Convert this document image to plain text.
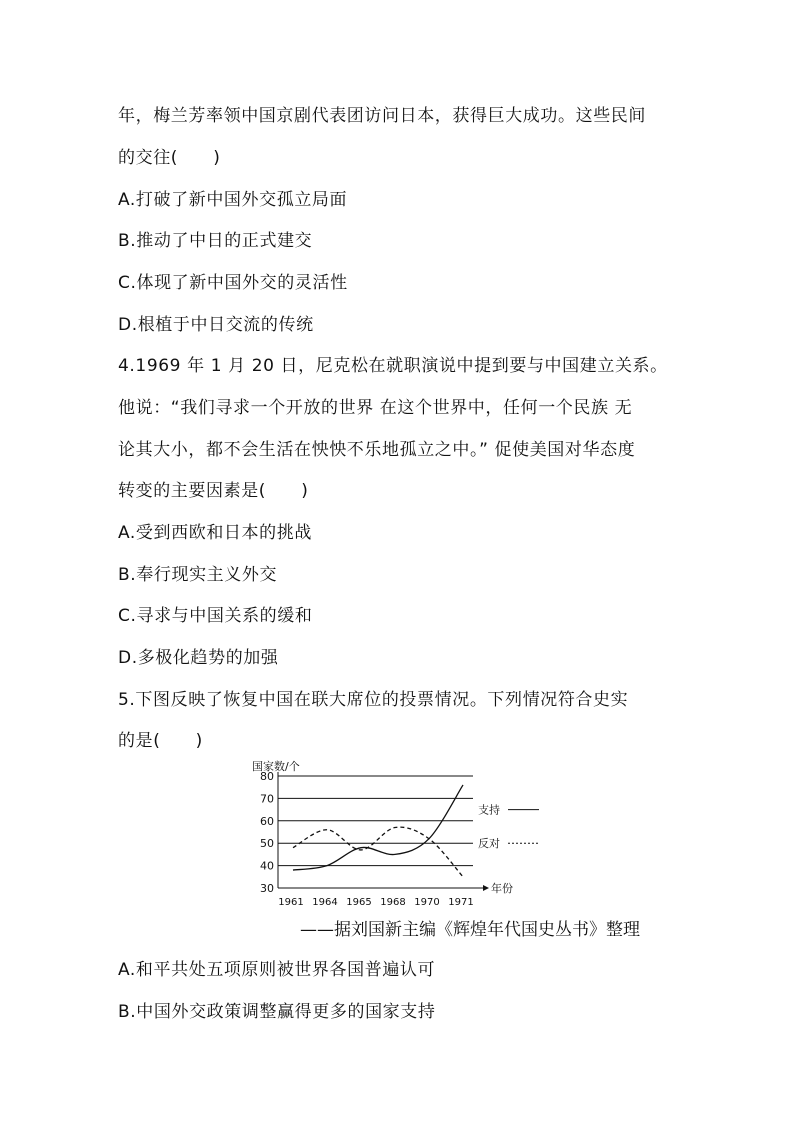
年，梅兰芳率领中国京剧代表团访问日本，获得巨大成功。这些民间
的交往(　　)
A.打破了新中国外交孤立局面
B.推动了中日的正式建交
C.体现了新中国外交的灵活性
D.根植于中日交流的传统
4.1969 年 1 月 20 日，尼克松在就职演说中提到要与中国建立关系。
他说：“我们寻求一个开放的世界 在这个世界中，任何一个民族 无
论其大小，都不会生活在怏怏不乐地孤立之中。” 促使美国对华态度
转变的主要因素是(　　)
A.受到西欧和日本的挑战
B.奉行现实主义外交
C.寻求与中国关系的缓和
D.多极化趋势的加强
5.下图反映了恢复中国在联大席位的投票情况。下列情况符合史实
的是(　　)
国家数/个
30
40
50
60
70
80
年份
1961 1964 1965 1968 1970 1971
支持
反对
——据刘国新主编《辉煌年代国史丛书》整理
A.和平共处五项原则被世界各国普遍认可
B.中国外交政策调整赢得更多的国家支持
